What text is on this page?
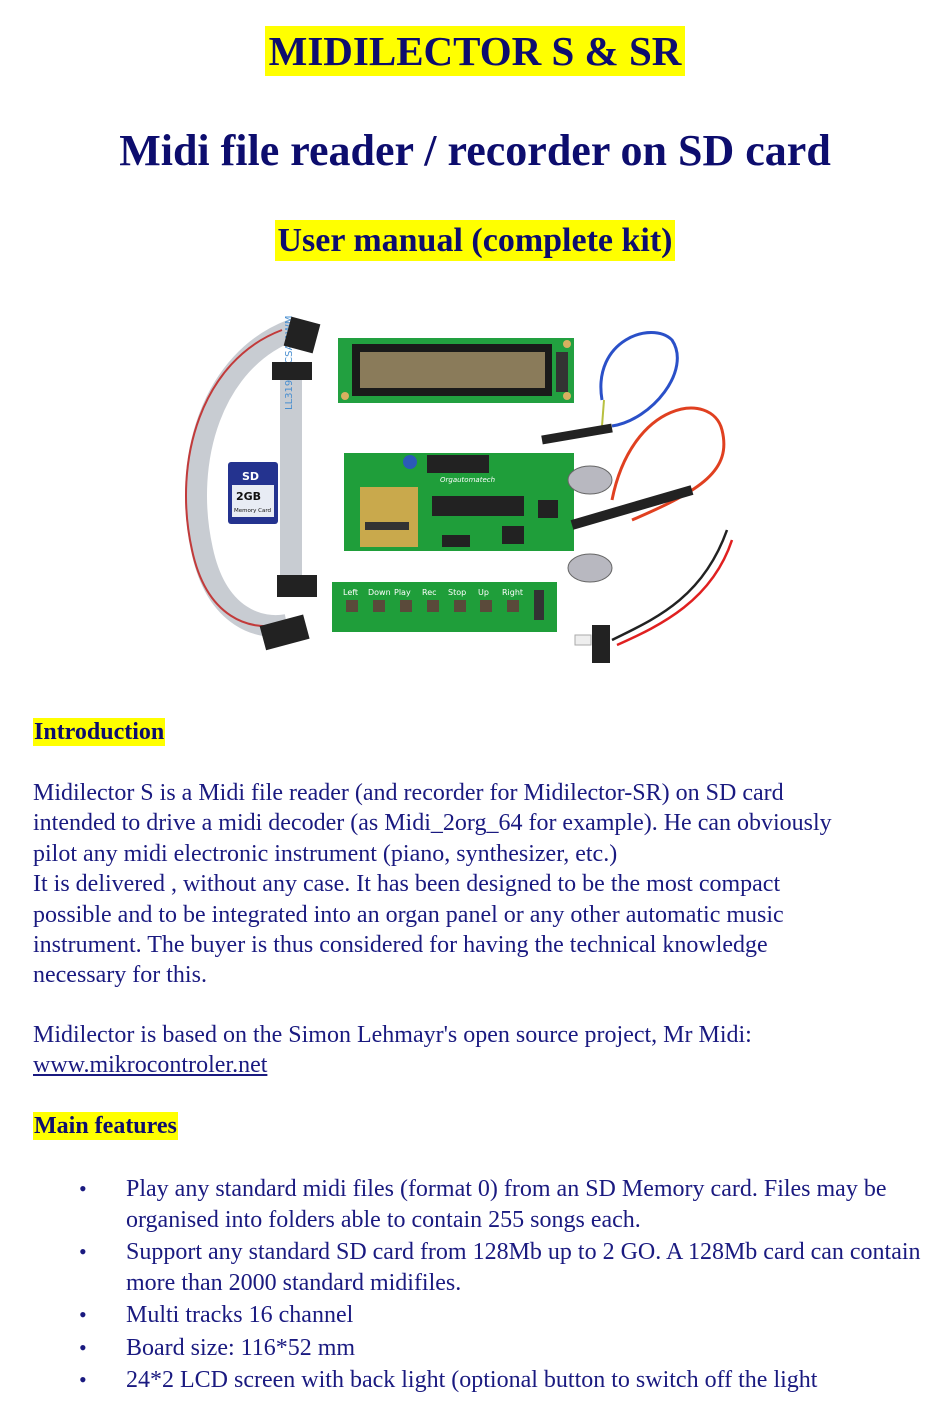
MIDILECTOR S & SR
Midi file reader / recorder on SD card
User manual (complete kit)
SD
2GB
Memory Card
Orgautomatech
Left Down Play Rec Stop Up Right
Introduction
Midilector S is a Midi file reader (and recorder for Midilector-SR) on SD card
intended to drive a midi decoder (as Midi_2org_64 for example). He can obviously
pilot any midi electronic instrument (piano, synthesizer, etc.)
It is delivered , without any case. It has been designed to be the most compact
possible and to be integrated into an organ panel or any other automatic music
instrument. The buyer is thus considered for having the technical knowledge
necessary for this.
Midilector is based on the Simon Lehmayr's open source project, Mr Midi:
www.mikrocontroler.net
Main features
• Play any standard midi files (format 0) from an SD Memory card. Files may be organised into folders able to contain 255 songs each.
• Support any standard SD card from 128Mb up to 2 GO. A 128Mb card can contain more than 2000 standard midifiles.
• Multi tracks 16 channel
• Board size: 116*52 mm
• 24*2 LCD screen with back light (optional button to switch off the light
